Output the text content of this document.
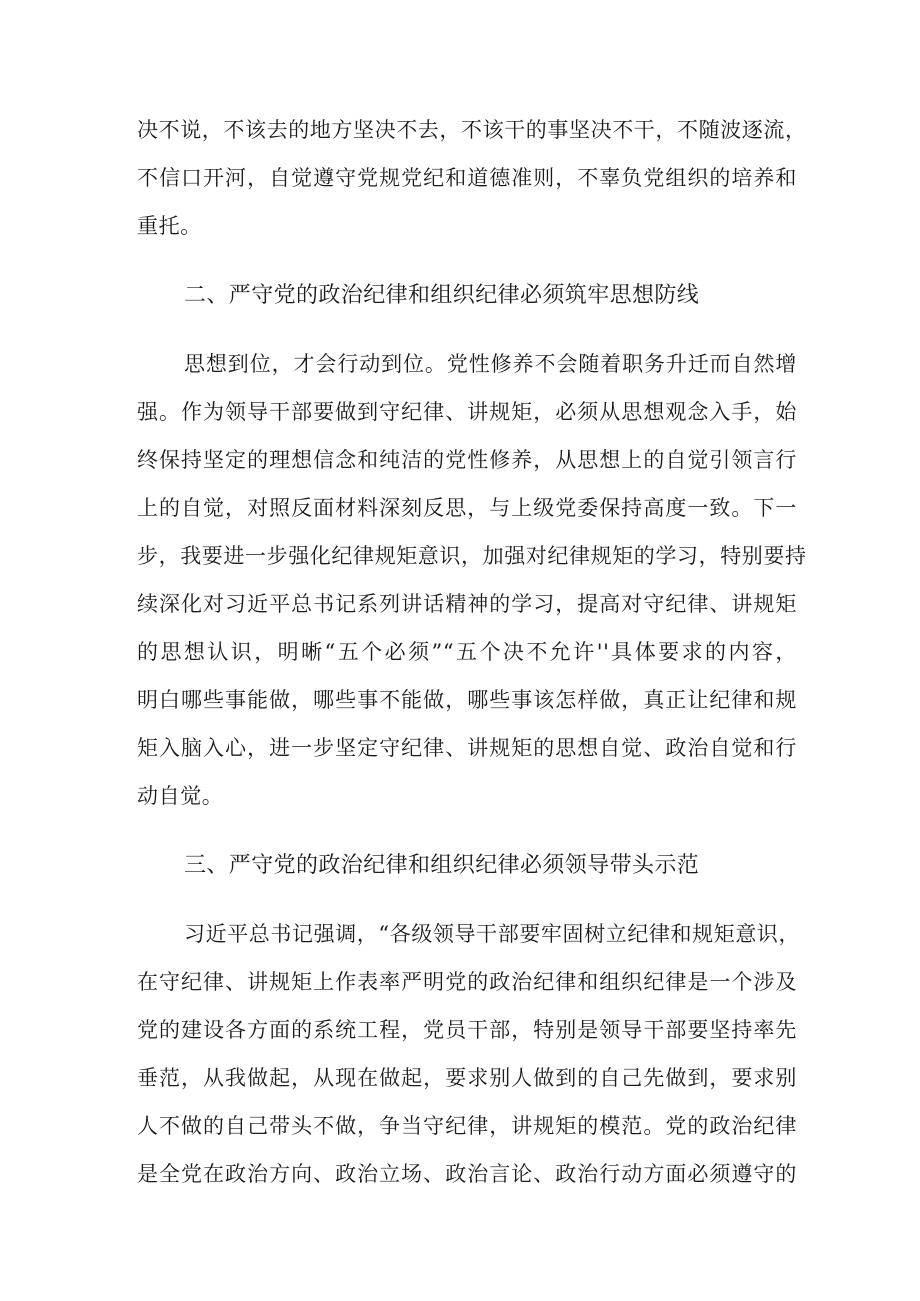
决不说，不该去的地方坚决不去，不该干的事坚决不干，不随波逐流，
不信口开河，自觉遵守党规党纪和道德准则，不辜负党组织的培养和
重托。
二、严守党的政治纪律和组织纪律必须筑牢思想防线
思想到位，才会行动到位。党性修养不会随着职务升迁而自然增
强。作为领导干部要做到守纪律、讲规矩，必须从思想观念入手，始
终保持坚定的理想信念和纯洁的党性修养，从思想上的自觉引领言行
上的自觉，对照反面材料深刻反思，与上级党委保持高度一致。下一
步，我要进一步强化纪律规矩意识，加强对纪律规矩的学习，特别要持
续深化对习近平总书记系列讲话精神的学习，提高对守纪律、讲规矩
的思想认识，明晰“五个必须”“五个决不允许''具体要求的内容，
明白哪些事能做，哪些事不能做，哪些事该怎样做，真正让纪律和规
矩入脑入心，进一步坚定守纪律、讲规矩的思想自觉、政治自觉和行
动自觉。
三、严守党的政治纪律和组织纪律必须领导带头示范
习近平总书记强调，“各级领导干部要牢固树立纪律和规矩意识，
在守纪律、讲规矩上作表率严明党的政治纪律和组织纪律是一个涉及
党的建设各方面的系统工程，党员干部，特别是领导干部要坚持率先
垂范，从我做起，从现在做起，要求别人做到的自己先做到，要求别
人不做的自己带头不做，争当守纪律，讲规矩的模范。党的政治纪律
是全党在政治方向、政治立场、政治言论、政治行动方面必须遵守的
